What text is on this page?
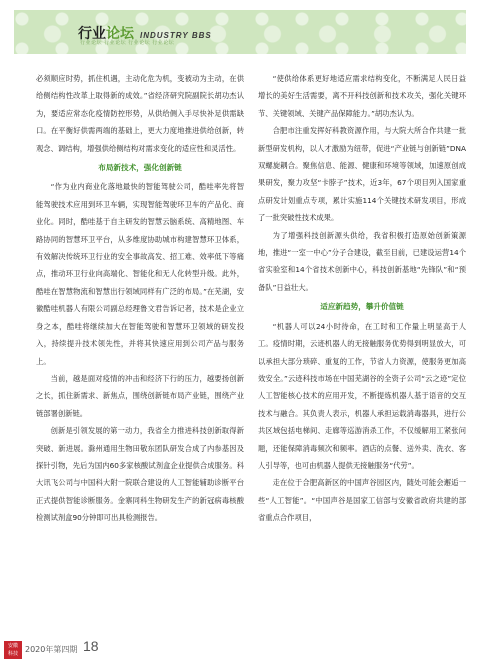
行业论坛 INDUSTRY BBS
行业论坛 行业论坛 行业论坛 行业论坛

必须顺应时势，抓住机遇，主动化危为机，变被动为主动，在供给侧结构性改革上取得新的成效。”省经济研究院副院长胡功杰认为，要适应常态化疫情防控形势，从供给侧入手尽快补足供需缺口。在平衡好供需两端的基础上，更大力度地推进供给创新，转观念、调结构，增强供给侧结构对需求变化的适应性和灵活性。

布局新技术，强化创新链

“作为业内商业化落地最快的智能驾驶公司，酷哇率先将智能驾驶技术应用到环卫车辆，实现智能驾驶环卫车的产品化、商业化。同时，酷哇基于自主研发的智慧云脑系统、高精地图、车路协同的智慧环卫平台，从多维度协助城市构建智慧环卫体系，有效解决传统环卫行业的安全事故高发、招工难、效率低下等痛点，推动环卫行业向高端化、智能化和无人化转型升级。此外，酷哇在智慧物流和智慧出行领域同样有广泛的布局。”在芜湖，安徽酷哇机器人有限公司副总经理鲁文君告诉记者，技术是企业立身之本，酷哇将继续加大在智能驾驶和智慧环卫领域的研发投入，持续提升技术领先性，并将其快速应用到公司产品与服务上。

当前，越是面对疫情的冲击和经济下行的压力，越要扬创新之长，抓住新需求、新焦点，围绕创新链布局产业链，围绕产业链部署创新链。

创新是引领发展的第一动力，我省全力推进科技创新取得新突破、新进展。滁州通用生物田敬东团队研发合成了内参基因及探针引物，先后为国内60多家核酸试剂盒企业提供合成服务。科大讯飞公司与中国科大附一院联合建设的人工智能辅助诊断平台正式提供智能诊断服务。金寨同科生物研发生产的新冠病毒核酸检测试剂盒90分钟即可出具检测报告。

“使供给体系更好地适应需求结构变化，不断满足人民日益增长的美好生活需要，离不开科技创新和技术攻关，强化关键环节、关键领域、关键产品保障能力。”胡功杰认为。

合肥市注重发挥好科教资源作用，与大院大所合作共建一批新型研发机构，以人才激励为纽带，促进“产业链与创新链”DNA双螺旋耦合。聚焦信息、能源、健康和环境等领域，加速原创成果研发，聚力攻坚“卡脖子”技术，近3年，67个项目列入国家重点研发计划重点专项，累计实施114个关键技术研发项目，形成了一批突破性技术成果。

为了增强科技创新源头供给，我省积极打造原始创新策源地，推进“一室一中心”分子合建设，截至目前，已建设运营14个省实验室和14个省技术创新中心，科技创新基地“先锋队”和“预备队”日益壮大。

适应新趋势，攀升价值链

“机器人可以24小时待命，在工时和工作量上明显高于人工。疫情时期，云迹机器人的无接触服务优势得到明显放大，可以承担大部分琐碎、重复的工作，节省人力资源，使服务更加高效安全。”云迹科技市场在中国芜湖谷的全资子公司“云之迹”定位人工智能核心技术的应用开发，不断提炼机器人基于语音的交互技术与融合。其负责人表示，机器人承担运载消毒器具，进行公共区域包括电梯间、走廊等巡游消杀工作，不仅缓解用工紧张问题，还能保障消毒频次和频率。酒店的点餐、送外卖、洗衣、客人引导等，也可由机器人提供无接触服务“代劳”。

走在位于合肥高新区的中国声谷园区内，随处可能会邂逅一些“人工智能”。“中国声谷是国家工信部与安徽省政府共建的部省重点合作项目，

安徽
科技 2020年第四期 18
